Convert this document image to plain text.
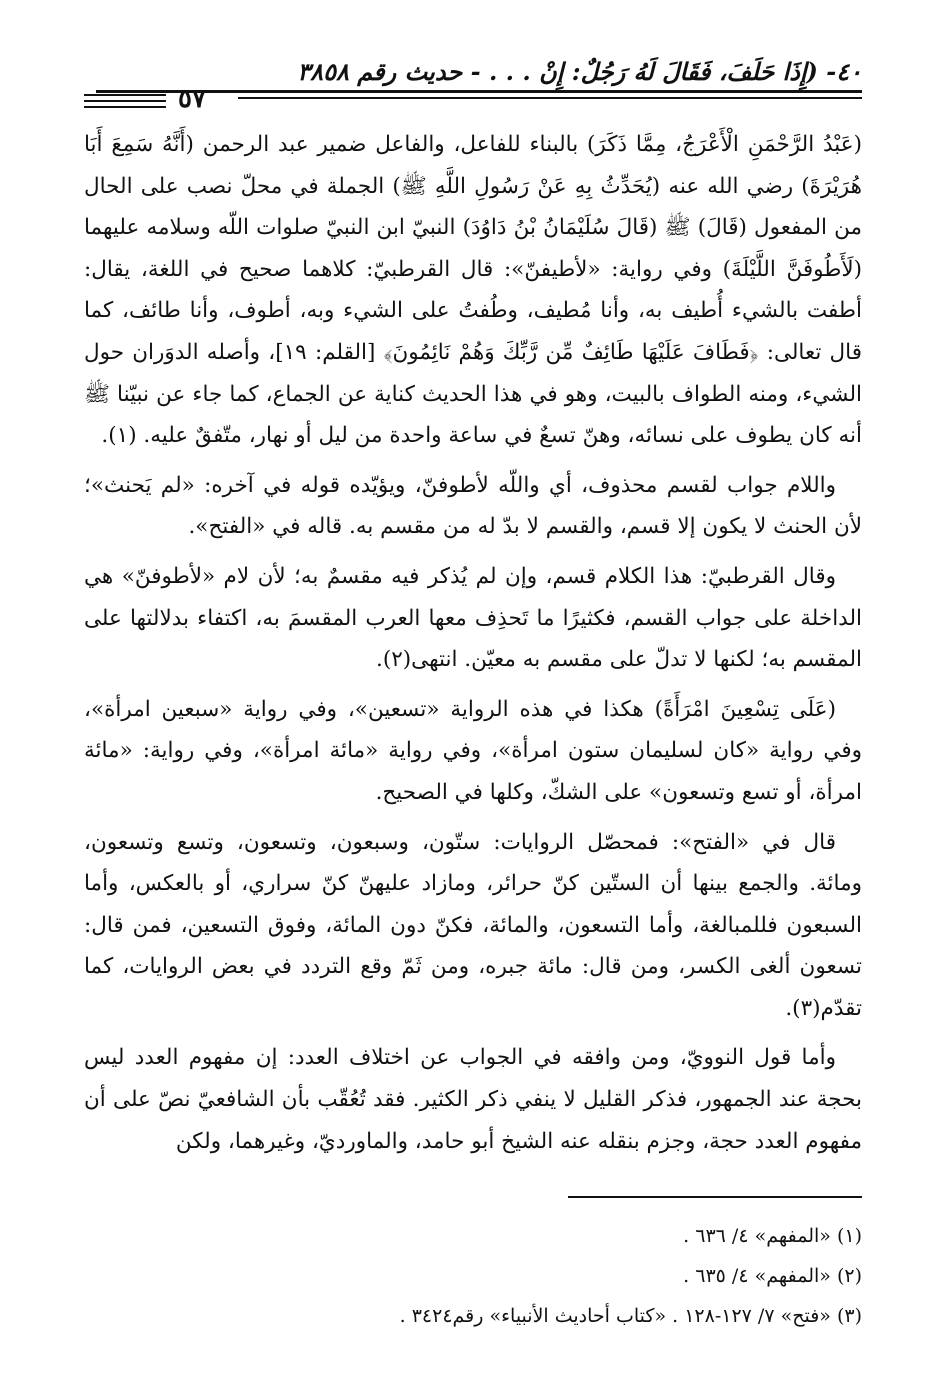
٤٠- (إِذَا حَلَفَ، فَقَالَ لَهُ رَجُلٌ: إِنْ . . . - حديث رقم ٣٨٥٨
٥٧

(عَبْدُ الرَّحْمَنِ الْأَعْرَجُ، مِمَّا ذَكَرَ) بالبناء للفاعل، والفاعل ضمير عبد الرحمن (أَنَّهُ سَمِعَ أَبَا هُرَيْرَةَ) رضي الله عنه (يُحَدِّثُ بِهِ عَنْ رَسُولِ اللَّهِ ﷺ) الجملة في محلّ نصب على الحال من المفعول (قَالَ) ﷺ (قَالَ سُلَيْمَانُ بْنُ دَاوُدَ) النبيّ ابن النبيّ صلوات اللّه وسلامه عليهما (لَأَطُوفَنَّ اللَّيْلَةَ) وفي رواية: «لأطيفنّ»: قال القرطبيّ: كلاهما صحيح في اللغة، يقال: أطفت بالشيء أُطيف به، وأنا مُطيف، وطُفتُ على الشيء وبه، أطوف، وأنا طائف، كما قال تعالى: ﴿فَطَافَ عَلَيْهَا طَائِفٌ مِّن رَّبِّكَ وَهُمْ نَائِمُونَ﴾ [القلم: ١٩]، وأصله الدوَران حول الشيء، ومنه الطواف بالبيت، وهو في هذا الحديث كناية عن الجماع، كما جاء عن نبيّنا ﷺ أنه كان يطوف على نسائه، وهنّ تسعٌ في ساعة واحدة من ليل أو نهار، متّفقٌ عليه. (١).

واللام جواب لقسم محذوف، أي واللّه لأطوفنّ، ويؤيّده قوله في آخره: «لم يَحنث»؛ لأن الحنث لا يكون إلا قسم، والقسم لا بدّ له من مقسم به. قاله في «الفتح».

وقال القرطبيّ: هذا الكلام قسم، وإن لم يُذكر فيه مقسمٌ به؛ لأن لام «لأطوفنّ» هي الداخلة على جواب القسم، فكثيرًا ما تَحذِف معها العرب المقسمَ به، اكتفاء بدلالتها على المقسم به؛ لكنها لا تدلّ على مقسم به معيّن. انتهى(٢).

(عَلَى تِسْعِينَ امْرَأَةً) هكذا في هذه الرواية «تسعين»، وفي رواية «سبعين امرأة»، وفي رواية «كان لسليمان ستون امرأة»، وفي رواية «مائة امرأة»، وفي رواية: «مائة امرأة، أو تسع وتسعون» على الشكّ، وكلها في الصحيح.

قال في «الفتح»: فمحصّل الروايات: ستّون، وسبعون، وتسعون، وتسع وتسعون، ومائة. والجمع بينها أن الستّين كنّ حرائر، ومازاد عليهنّ كنّ سراري، أو بالعكس، وأما السبعون فللمبالغة، وأما التسعون، والمائة، فكنّ دون المائة، وفوق التسعين، فمن قال: تسعون ألغى الكسر، ومن قال: مائة جبره، ومن ثَمّ وقع التردد في بعض الروايات، كما تقدّم(٣).

وأما قول النوويّ، ومن وافقه في الجواب عن اختلاف العدد: إن مفهوم العدد ليس بحجة عند الجمهور، فذكر القليل لا ينفي ذكر الكثير. فقد تُعُقّب بأن الشافعيّ نصّ على أن مفهوم العدد حجة، وجزم بنقله عنه الشيخ أبو حامد، والماورديّ، وغيرهما، ولكن

(١) «المفهم» ٤/ ٦٣٦ .
(٢) «المفهم» ٤/ ٦٣٥ .
(٣) «فتح» ٧/ ١٢٧-١٢٨ . «كتاب أحاديث الأنبياء» رقم٣٤٢٤ .
